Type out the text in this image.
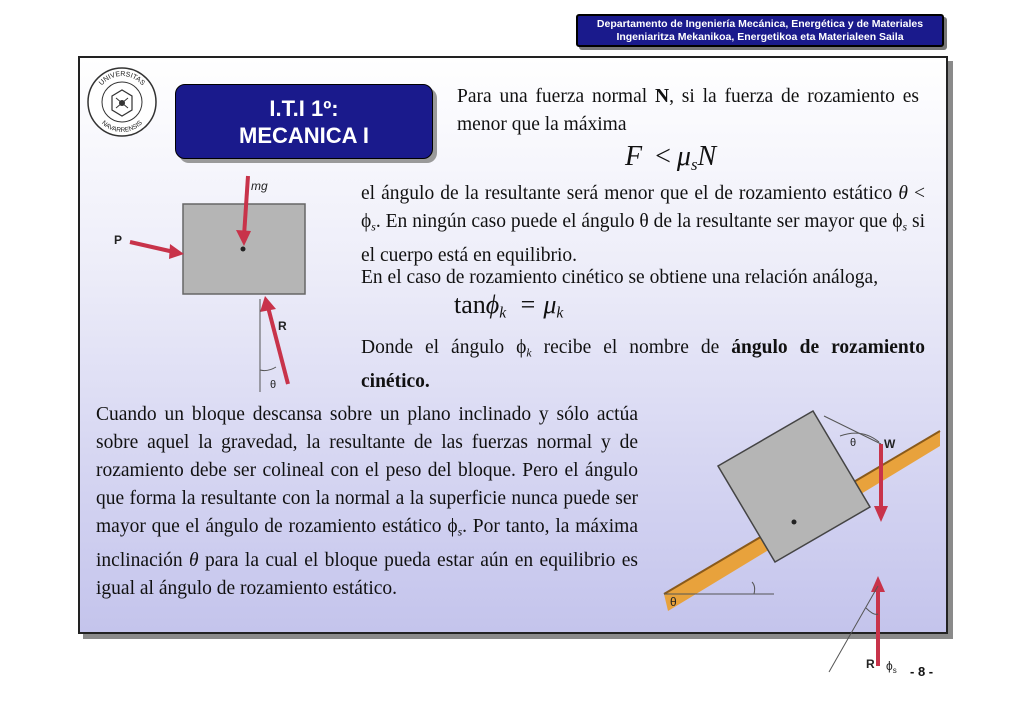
Departamento de Ingeniería Mecánica, Energética y de Materiales
Ingeniaritza Mekanikoa, Energetikoa eta Materialeen Saila
UNIVERSITAS
NAVARRENSIS
I.T.I 1º:
MECANICA I
Para una fuerza normal N, si la fuerza de rozamiento es menor que la máxima
$F < \mu_sN$
el ángulo de la resultante será menor que el de rozamiento estático $\theta < \phi_s$. En ningún caso puede el ángulo θ de la resultante ser mayor que $\phi_s$ si el cuerpo está en equilibrio.
En el caso de rozamiento cinético se obtiene una relación análoga,
$\tan\phi_k = \mu_k$
Donde el ángulo $\phi_k$ recibe el nombre de ángulo de rozamiento cinético.
Cuando un bloque descansa sobre un plano inclinado y sólo actúa sobre aquel la gravedad, la resultante de las fuerzas normal y de rozamiento debe ser colineal con el peso del bloque. Pero el ángulo que forma la resultante con la normal a la superficie nunca puede ser mayor que el ángulo de rozamiento estático $\phi_s$. Por tanto, la máxima inclinación θ para la cual el bloque pueda estar aún en equilibrio es igual al ángulo de rozamiento estático.
mg
P
R
θ
θ
W
θ
R $\phi_s - 8$ -
